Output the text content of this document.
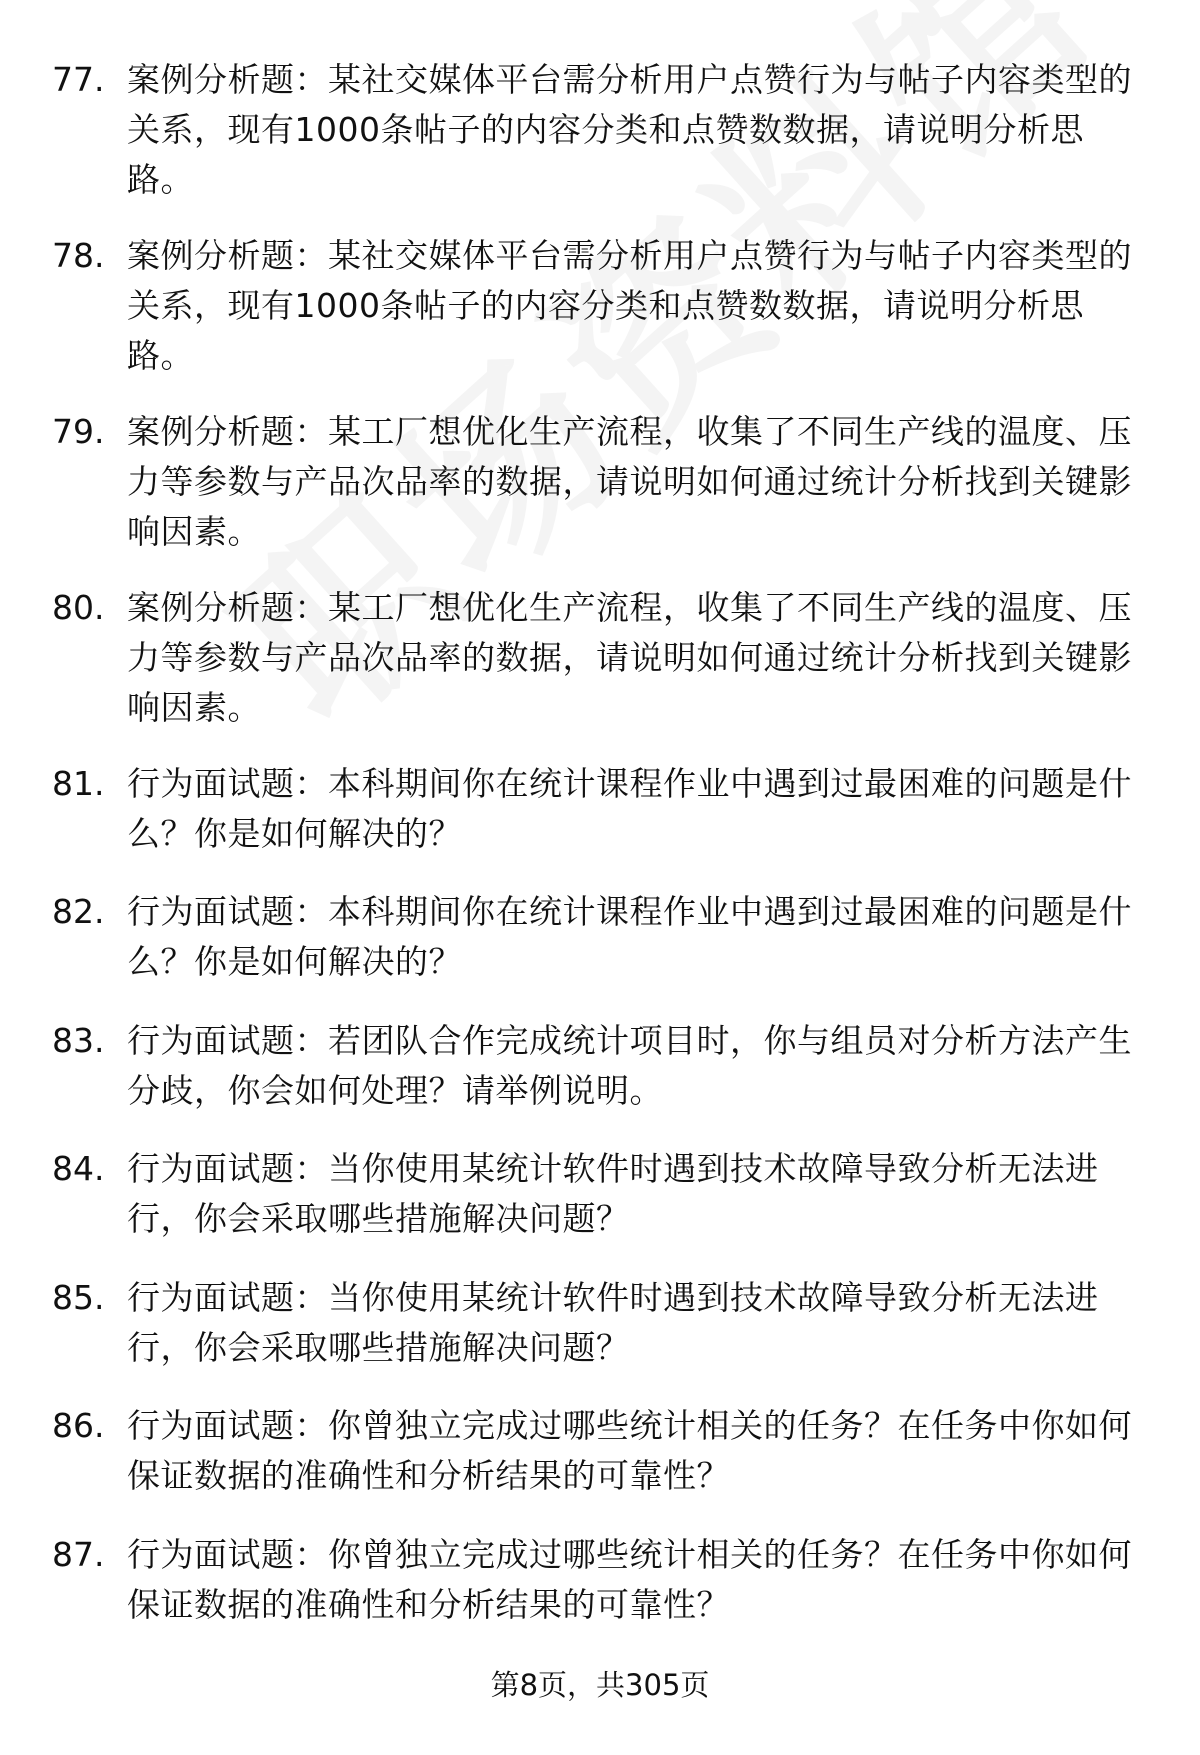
77. 案例分析题：某社交媒体平台需分析用户点赞行为与帖子内容类型的关系，现有1000条帖子的内容分类和点赞数数据，请说明分析思路。
78. 案例分析题：某社交媒体平台需分析用户点赞行为与帖子内容类型的关系，现有1000条帖子的内容分类和点赞数数据，请说明分析思路。
79. 案例分析题：某工厂想优化生产流程，收集了不同生产线的温度、压力等参数与产品次品率的数据，请说明如何通过统计分析找到关键影响因素。
80. 案例分析题：某工厂想优化生产流程，收集了不同生产线的温度、压力等参数与产品次品率的数据，请说明如何通过统计分析找到关键影响因素。
81. 行为面试题：本科期间你在统计课程作业中遇到过最困难的问题是什么？你是如何解决的？
82. 行为面试题：本科期间你在统计课程作业中遇到过最困难的问题是什么？你是如何解决的？
83. 行为面试题：若团队合作完成统计项目时，你与组员对分析方法产生分歧，你会如何处理？请举例说明。
84. 行为面试题：当你使用某统计软件时遇到技术故障导致分析无法进行，你会采取哪些措施解决问题？
85. 行为面试题：当你使用某统计软件时遇到技术故障导致分析无法进行，你会采取哪些措施解决问题？
86. 行为面试题：你曾独立完成过哪些统计相关的任务？在任务中你如何保证数据的准确性和分析结果的可靠性？
87. 行为面试题：你曾独立完成过哪些统计相关的任务？在任务中你如何保证数据的准确性和分析结果的可靠性？
第8页，共305页
